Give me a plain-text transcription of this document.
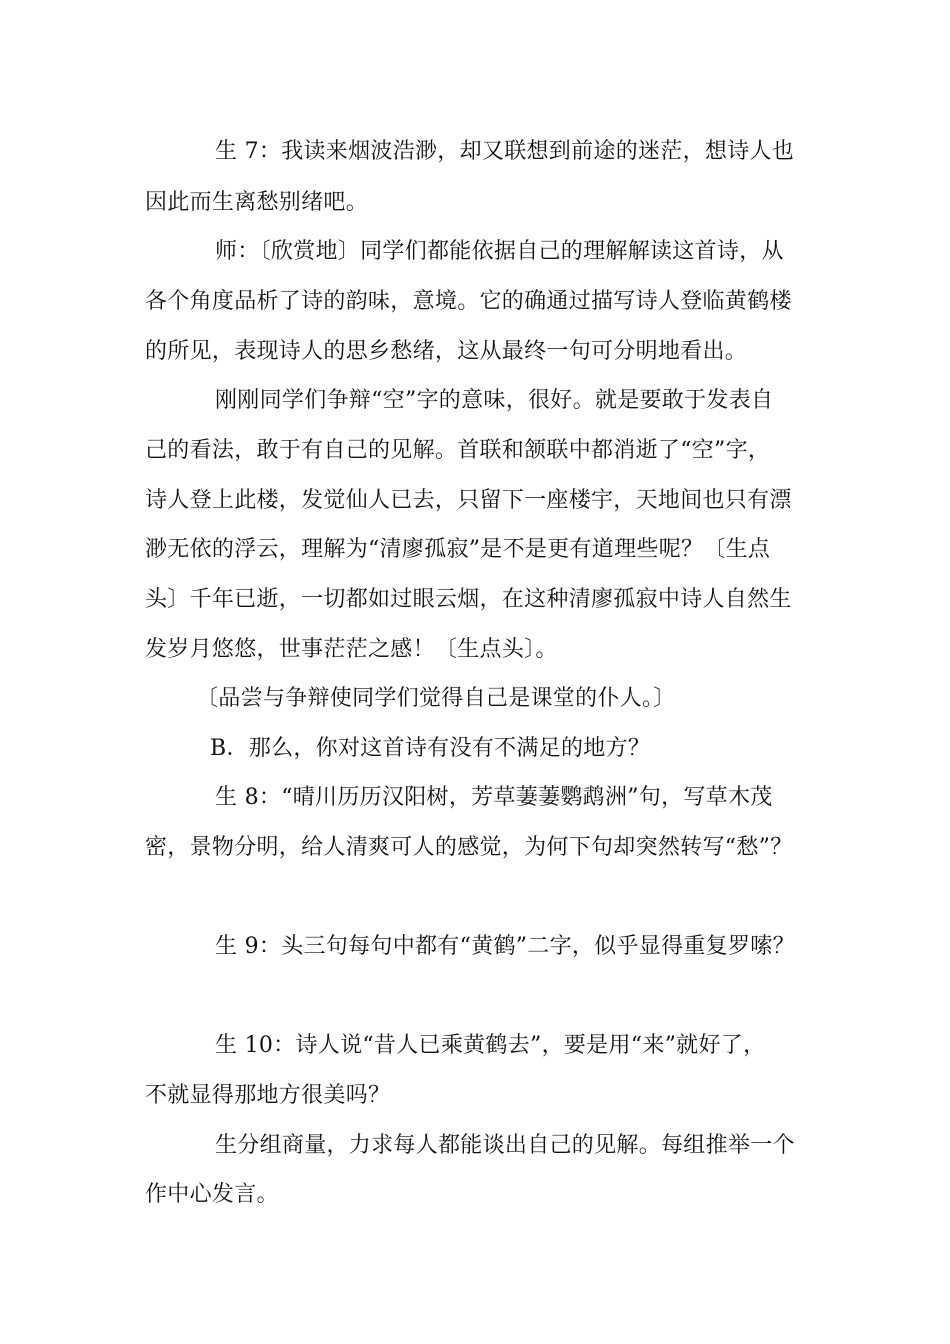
生 7：我读来烟波浩渺，却又联想到前途的迷茫，想诗人也
因此而生离愁别绪吧。
师：〔欣赏地〕同学们都能依据自己的理解解读这首诗，从
各个角度品析了诗的韵味，意境。它的确通过描写诗人登临黄鹤楼
的所见，表现诗人的思乡愁绪，这从最终一句可分明地看出。
刚刚同学们争辩“空”字的意味，很好。就是要敢于发表自
己的看法，敢于有自己的见解。首联和颔联中都消逝了“空”字，
诗人登上此楼，发觉仙人已去，只留下一座楼宇，天地间也只有漂
渺无依的浮云，理解为“清廖孤寂”是不是更有道理些呢？〔生点
头〕千年已逝，一切都如过眼云烟，在这种清廖孤寂中诗人自然生
发岁月悠悠，世事茫茫之感！〔生点头〕。
〔品尝与争辩使同学们觉得自己是课堂的仆人。〕
B．那么，你对这首诗有没有不满足的地方？
生 8：“晴川历历汉阳树，芳草萋萋鹦鹉洲”句，写草木茂
密，景物分明，给人清爽可人的感觉，为何下句却突然转写“愁”？
生 9：头三句每句中都有“黄鹤”二字，似乎显得重复罗嗦？
生 10：诗人说“昔人已乘黄鹤去”，要是用“来”就好了，
不就显得那地方很美吗？
生分组商量，力求每人都能谈出自己的见解。每组推举一个
作中心发言。
